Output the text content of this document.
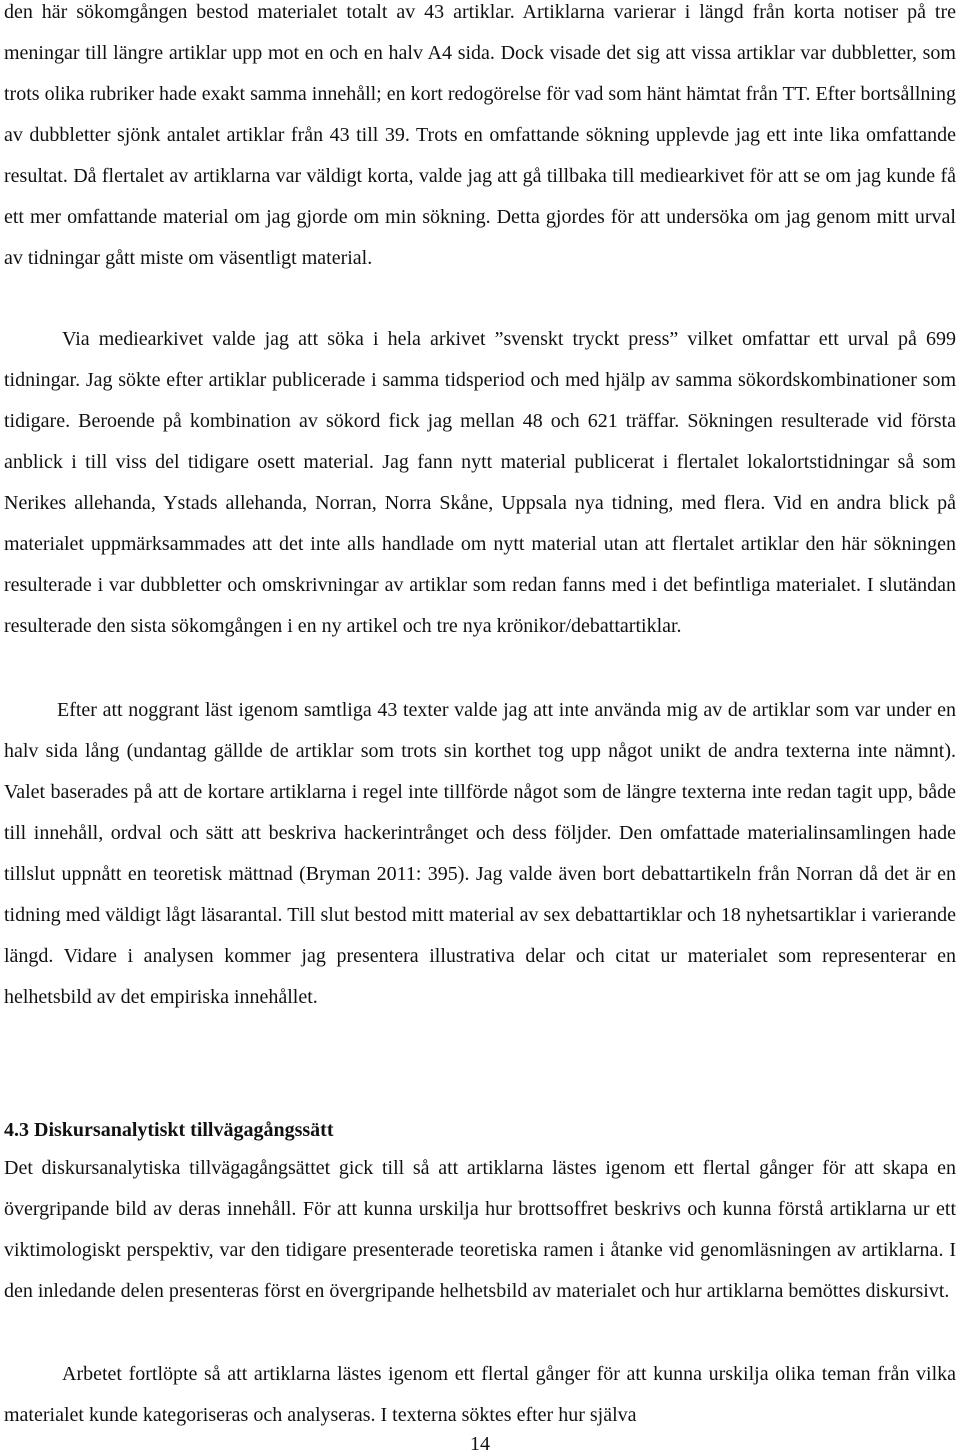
den här sökomgången bestod materialet totalt av 43 artiklar. Artiklarna varierar i längd från korta notiser på tre meningar till längre artiklar upp mot en och en halv A4 sida. Dock visade det sig att vissa artiklar var dubbletter, som trots olika rubriker hade exakt samma innehåll; en kort redogörelse för vad som hänt hämtat från TT. Efter bortsållning av dubbletter sjönk antalet artiklar från 43 till 39. Trots en omfattande sökning upplevde jag ett inte lika omfattande resultat. Då flertalet av artiklarna var väldigt korta, valde jag att gå tillbaka till mediearkivet för att se om jag kunde få ett mer omfattande material om jag gjorde om min sökning. Detta gjordes för att undersöka om jag genom mitt urval av tidningar gått miste om väsentligt material.

Via mediearkivet valde jag att söka i hela arkivet ”svenskt tryckt press” vilket omfattar ett urval på 699 tidningar. Jag sökte efter artiklar publicerade i samma tidsperiod och med hjälp av samma sökordskombinationer som tidigare. Beroende på kombination av sökord fick jag mellan 48 och 621 träffar. Sökningen resulterade vid första anblick i till viss del tidigare osett material. Jag fann nytt material publicerat i flertalet lokalortstidningar så som Nerikes allehanda, Ystads allehanda, Norran, Norra Skåne, Uppsala nya tidning, med flera. Vid en andra blick på materialet uppmärksammades att det inte alls handlade om nytt material utan att flertalet artiklar den här sökningen resulterade i var dubbletter och omskrivningar av artiklar som redan fanns med i det befintliga materialet. I slutändan resulterade den sista sökomgången i en ny artikel och tre nya krönikor/debattartiklar.

Efter att noggrant läst igenom samtliga 43 texter valde jag att inte använda mig av de artiklar som var under en halv sida lång (undantag gällde de artiklar som trots sin korthet tog upp något unikt de andra texterna inte nämnt). Valet baserades på att de kortare artiklarna i regel inte tillförde något som de längre texterna inte redan tagit upp, både till innehåll, ordval och sätt att beskriva hackerintrånget och dess följder. Den omfattade materialinsamlingen hade tillslut uppnått en teoretisk mättnad (Bryman 2011: 395). Jag valde även bort debattartikeln från Norran då det är en tidning med väldigt lågt läsarantal. Till slut bestod mitt material av sex debattartiklar och 18 nyhetsartiklar i varierande längd. Vidare i analysen kommer jag presentera illustrativa delar och citat ur materialet som representerar en helhetsbild av det empiriska innehållet.

4.3 Diskursanalytiskt tillvägagångssätt

Det diskursanalytiska tillvägagångsättet gick till så att artiklarna lästes igenom ett flertal gånger för att skapa en övergripande bild av deras innehåll. För att kunna urskilja hur brottsoffret beskrivs och kunna förstå artiklarna ur ett viktimologiskt perspektiv, var den tidigare presenterade teoretiska ramen i åtanke vid genomläsningen av artiklarna. I den inledande delen presenteras först en övergripande helhetsbild av materialet och hur artiklarna bemöttes diskursivt.

Arbetet fortlöpte så att artiklarna lästes igenom ett flertal gånger för att kunna urskilja olika teman från vilka materialet kunde kategoriseras och analyseras. I texterna söktes efter hur själva

14
